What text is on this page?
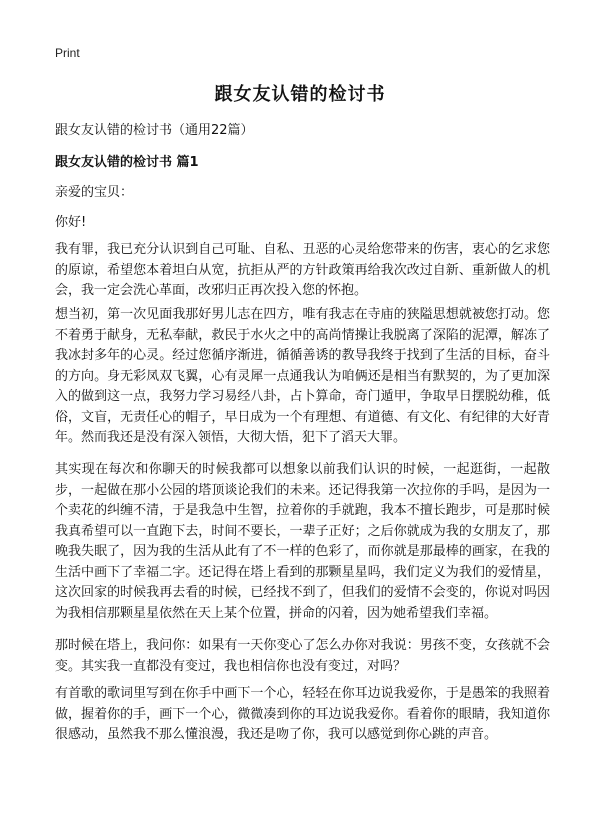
Print
跟女友认错的检讨书
跟女友认错的检讨书（通用22篇）
跟女友认错的检讨书 篇1
亲爱的宝贝：
你好!

我有罪，我已充分认识到自己可耻、自私、丑恶的心灵给您带来的伤害，衷心的乞求您的原谅，希望您本着坦白从宽，抗拒从严的方针政策再给我次改过自新、重新做人的机会，我一定会洗心革面，改邪归正再次投入您的怀抱。

想当初，第一次见面我那好男儿志在四方，唯有我志在寺庙的狭隘思想就被您打动。您不着勇于献身，无私奉献，救民于水火之中的高尚情操让我脱离了深陷的泥潭，解冻了我冰封多年的心灵。经过您循序渐进，循循善诱的教导我终于找到了生活的目标，奋斗的方向。身无彩凤双飞翼，心有灵犀一点通我认为咱俩还是相当有默契的，为了更加深入的做到这一点，我努力学习易经八卦，占卜算命，奇门遁甲，争取早日摆脱幼稚，低俗，文盲，无责任心的帽子，早日成为一个有理想、有道德、有文化、有纪律的大好青年。然而我还是没有深入领悟，大彻大悟，犯下了滔天大罪。

其实现在每次和你聊天的时候我都可以想象以前我们认识的时候，一起逛街，一起散步，一起做在那小公园的塔顶谈论我们的未来。还记得我第一次拉你的手吗，是因为一个卖花的纠缠不清，于是我急中生智，拉着你的手就跑，我本不擅长跑步，可是那时候我真希望可以一直跑下去，时间不要长，一辈子正好；之后你就成为我的女朋友了，那晚我失眠了，因为我的生活从此有了不一样的色彩了，而你就是那最棒的画家，在我的生活中画下了幸福二字。还记得在塔上看到的那颗星星吗，我们定义为我们的爱情星，这次回家的时候我再去看的时候，已经找不到了，但我们的爱情不会变的，你说对吗因为我相信那颗星星依然在天上某个位置，拼命的闪着，因为她希望我们幸福。

那时候在塔上，我问你：如果有一天你变心了怎么办你对我说：男孩不变，女孩就不会变。其实我一直都没有变过，我也相信你也没有变过，对吗？

有首歌的歌词里写到在你手中画下一个心，轻轻在你耳边说我爱你，于是愚笨的我照着做，握着你的手，画下一个心，微微凑到你的耳边说我爱你。看着你的眼睛，我知道你很感动，虽然我不那么懂浪漫，我还是吻了你，我可以感觉到你心跳的声音。
